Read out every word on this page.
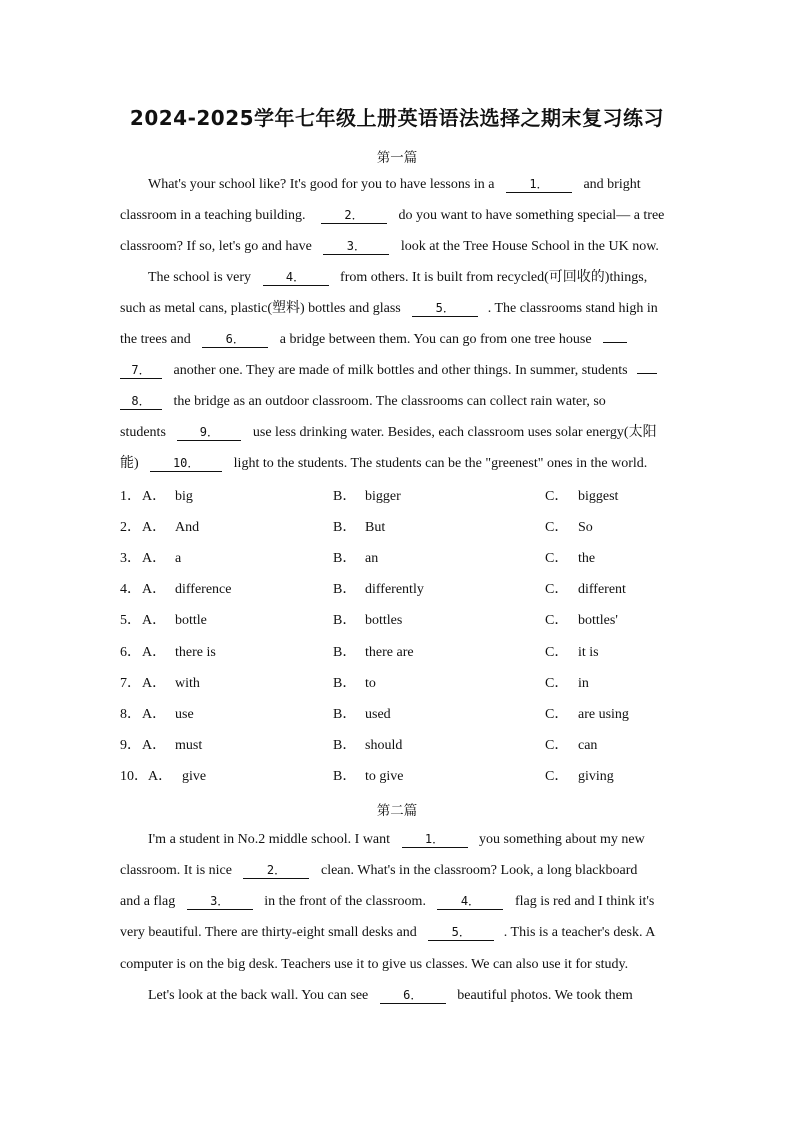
2024-2025学年七年级上册英语语法选择之期末复习练习
第一篇
What's your school like? It's good for you to have lessons in a	1． and bright
classroom in a teaching building.	2． do you want to have something special— a tree
classroom? If so, let's go and have	3． look at the Tree House School in the UK now.
The school is very	4． from others. It is built from recycled(可回收的)things,
such as metal cans, plastic(塑料) bottles and glass	5． . The classrooms stand high in
the trees and	6． a bridge between them. You can go from one tree house
7． another one. They are made of milk bottles and other things. In summer, students
8． the bridge as an outdoor classroom. The classrooms can collect rain water, so
students	9． use less drinking water. Besides, each classroom uses solar energy(太阳
能)	10． light to the students. The students can be the "greenest" ones in the world.
1． A． big	B． bigger	C． biggest
2． A． And	B． But	C． So
3． A． a	B． an	C． the
4． A． difference	B． differently	C． different
5． A． bottle	B． bottles	C． bottles'
6． A． there is	B． there are	C． it is
7． A． with	B． to	C． in
8． A． use	B． used	C． are using
9． A． must	B． should	C． can
10． A． give	B． to give	C． giving
第二篇
I'm a student in No.2 middle school. I want	1． you something about my new
classroom. It is nice	2． clean. What's in the classroom? Look, a long blackboard
and a flag	3． in the front of the classroom.	4． flag is red and I think it's
very beautiful. There are thirty-eight small desks and	5． . This is a teacher's desk. A
computer is on the big desk. Teachers use it to give us classes. We can also use it for study.
Let's look at the back wall. You can see	6． beautiful photos. We took them
